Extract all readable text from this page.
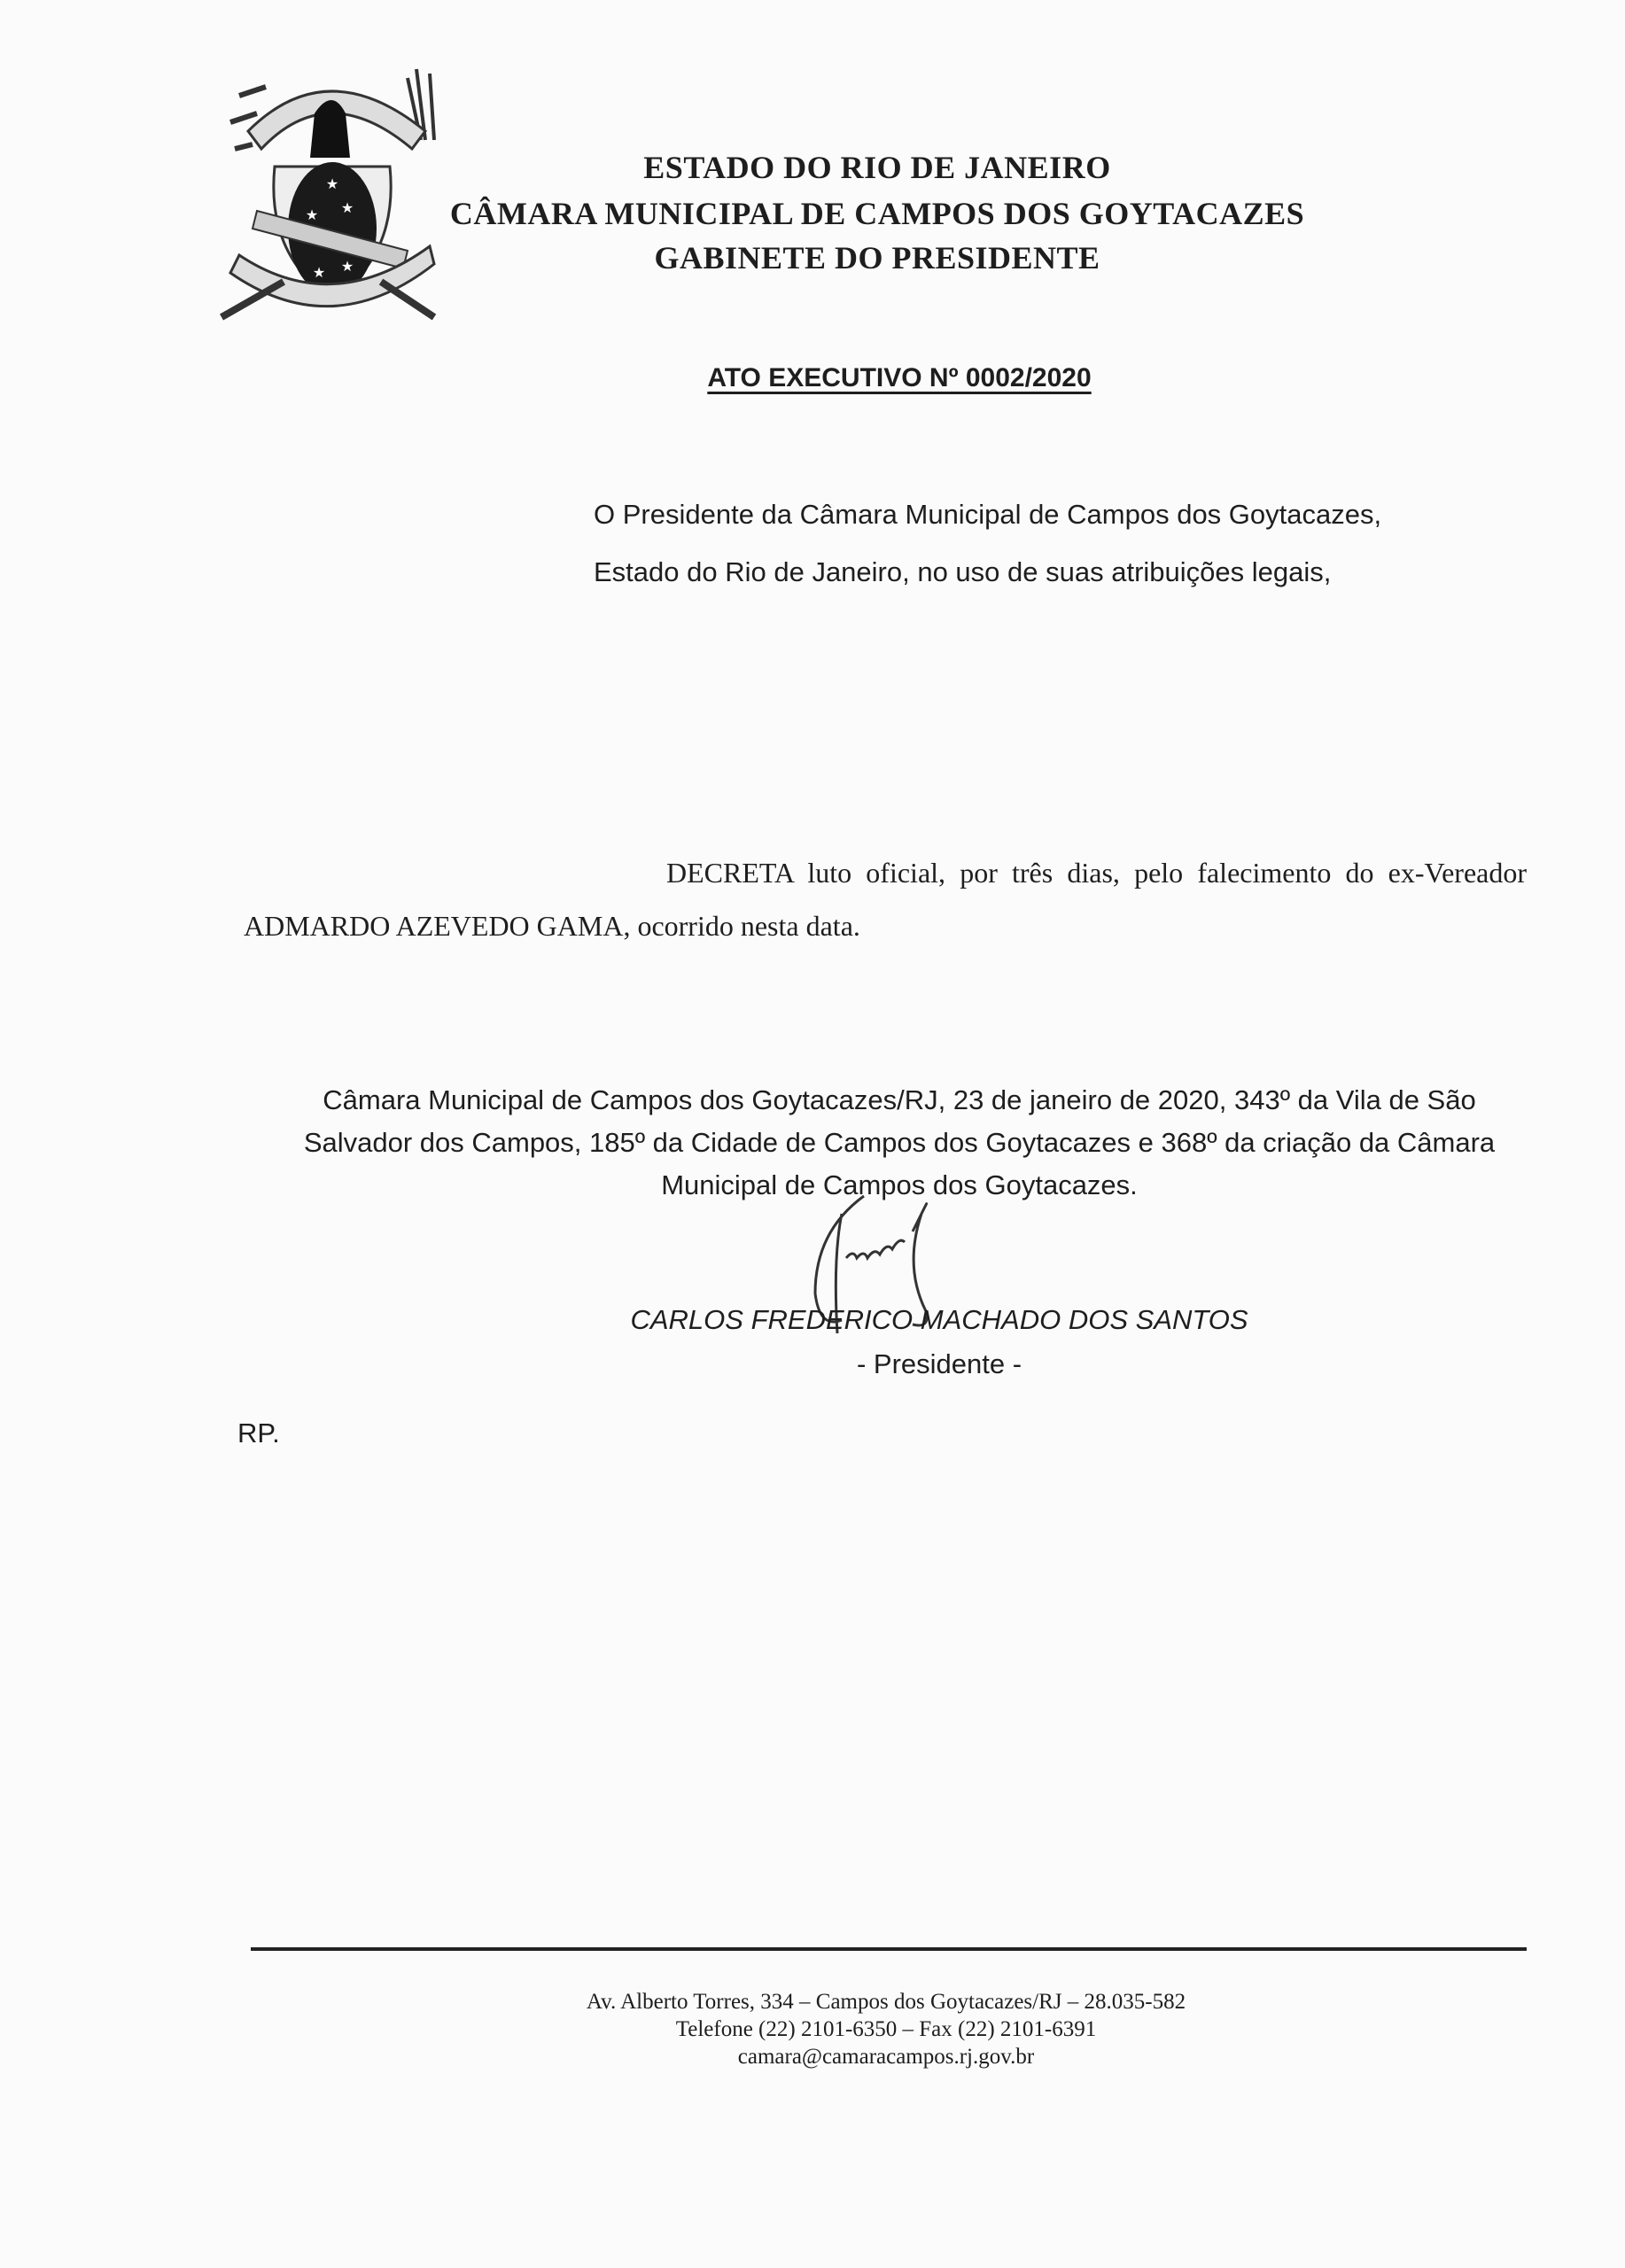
★
★ ★
★
★
ESTADO DO RIO DE JANEIRO
CÂMARA MUNICIPAL DE CAMPOS DOS GOYTACAZES
GABINETE DO PRESIDENTE
ATO EXECUTIVO Nº 0002/2020
O Presidente da Câmara Municipal de Campos dos Goytacazes,
Estado do Rio de Janeiro, no uso de suas atribuições legais,
DECRETA luto oficial, por três dias, pelo falecimento do ex-Vereador ADMARDO AZEVEDO GAMA, ocorrido nesta data.
Câmara Municipal de Campos dos Goytacazes/RJ, 23 de janeiro de 2020, 343º da Vila de São
Salvador dos Campos, 185º da Cidade de Campos dos Goytacazes e 368º da criação da Câmara
Municipal de Campos dos Goytacazes.
CARLOS FREDERICO MACHADO DOS SANTOS
- Presidente -
RP.
Av. Alberto Torres, 334 – Campos dos Goytacazes/RJ – 28.035-582
Telefone (22) 2101-6350 – Fax (22) 2101-6391
camara@camaracampos.rj.gov.br
